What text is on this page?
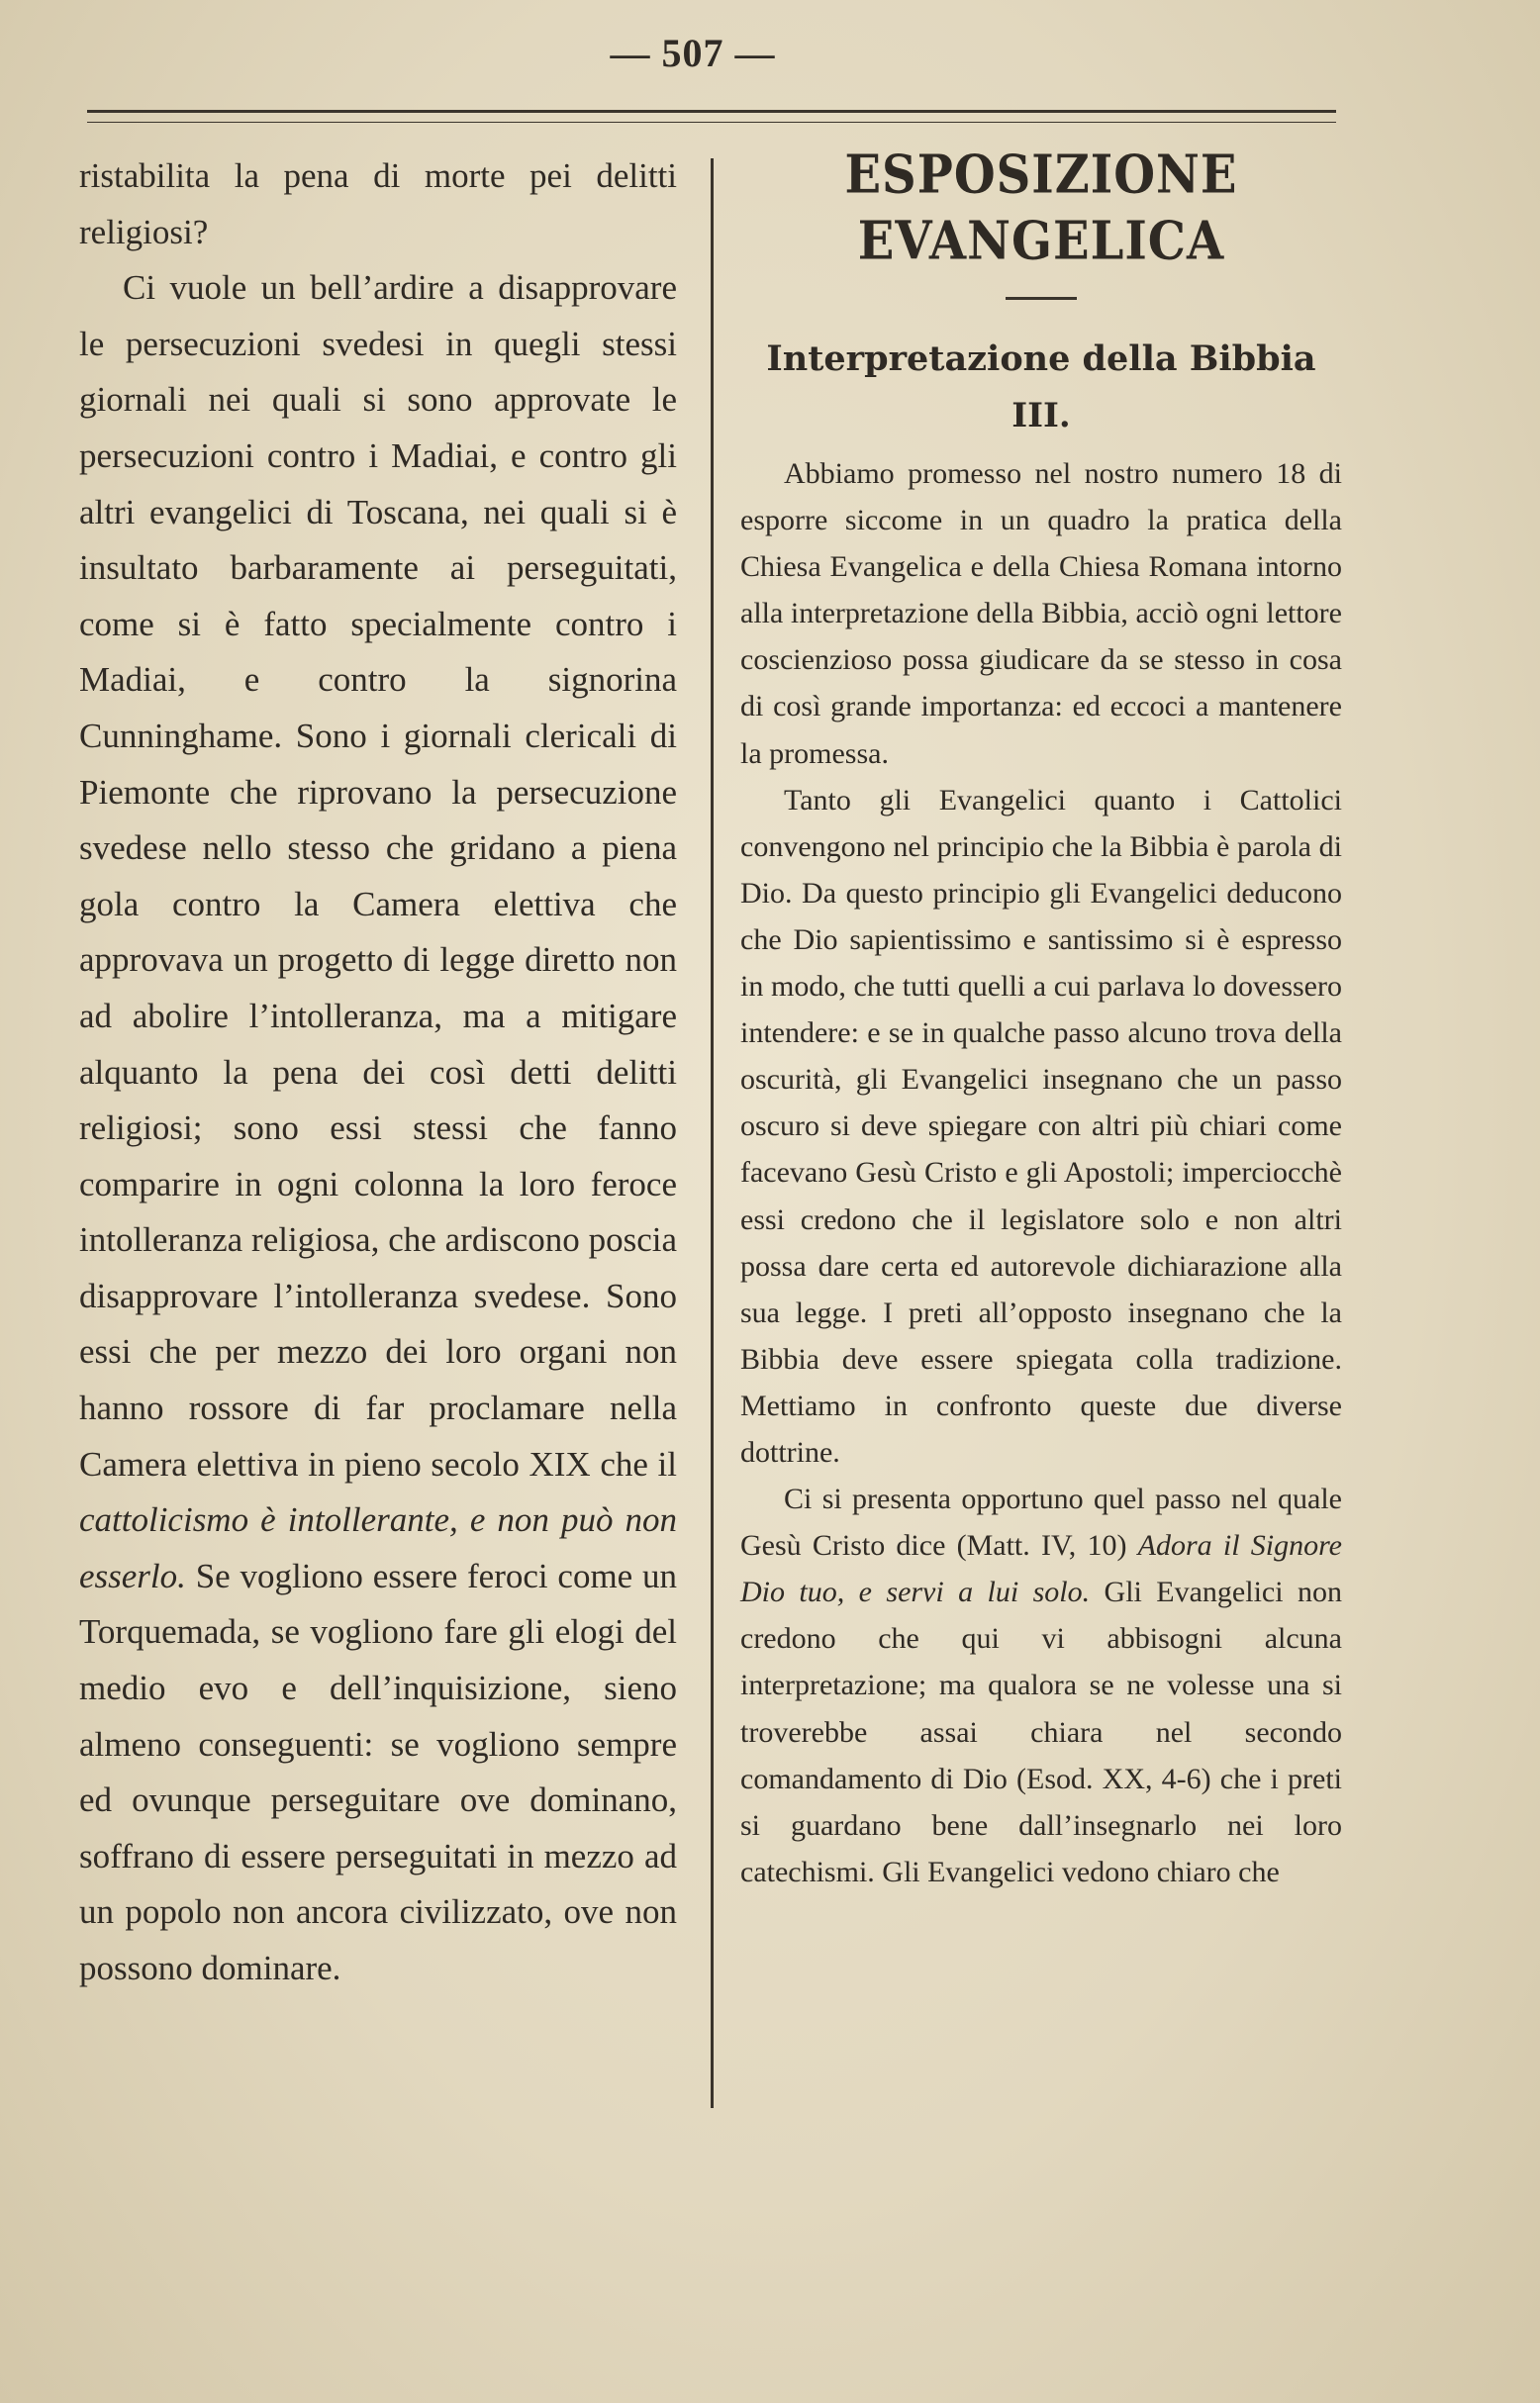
— 507 —

ristabilita la pena di morte pei delitti religiosi?

Ci vuole un bell’ardire a disapprovare le persecuzioni svedesi in quegli stessi giornali nei quali si sono approvate le persecuzioni contro i Madiai, e contro gli altri evangelici di Toscana, nei quali si è insultato barbaramente ai perseguitati, come si è fatto specialmente contro i Madiai, e contro la signorina Cunninghame. Sono i giornali clericali di Piemonte che riprovano la persecuzione svedese nello stesso che gridano a piena gola contro la Camera elettiva che approvava un progetto di legge diretto non ad abolire l’intolleranza, ma a mitigare alquanto la pena dei così detti delitti religiosi; sono essi stessi che fanno comparire in ogni colonna la loro feroce intolleranza religiosa, che ardiscono poscia disapprovare l’intolleranza svedese. Sono essi che per mezzo dei loro organi non hanno rossore di far proclamare nella Camera elettiva in pieno secolo XIX che il cattolicismo è intollerante, e non può non esserlo. Se vogliono essere feroci come un Torquemada, se vogliono fare gli elogi del medio evo e dell’inquisizione, sieno almeno conseguenti: se vogliono sempre ed ovunque perseguitare ove dominano, soffrano di essere perseguitati in mezzo ad un popolo non ancora civilizzato, ove non possono dominare.

ESPOSIZIONE EVANGELICA
Interpretazione della Bibbia
III.

Abbiamo promesso nel nostro numero 18 di esporre siccome in un quadro la pratica della Chiesa Evangelica e della Chiesa Romana intorno alla interpretazione della Bibbia, acciò ogni lettore coscienzioso possa giudicare da se stesso in cosa di così grande importanza: ed eccoci a mantenere la promessa.

Tanto gli Evangelici quanto i Cattolici convengono nel principio che la Bibbia è parola di Dio. Da questo principio gli Evangelici deducono che Dio sapientissimo e santissimo si è espresso in modo, che tutti quelli a cui parlava lo dovessero intendere: e se in qualche passo alcuno trova della oscurità, gli Evangelici insegnano che un passo oscuro si deve spiegare con altri più chiari come facevano Gesù Cristo e gli Apostoli; imperciocchè essi credono che il legislatore solo e non altri possa dare certa ed autorevole dichiarazione alla sua legge. I preti all’opposto insegnano che la Bibbia deve essere spiegata colla tradizione. Mettiamo in confronto queste due diverse dottrine.

Ci si presenta opportuno quel passo nel quale Gesù Cristo dice (Matt. IV, 10) Adora il Signore Dio tuo, e servi a lui solo. Gli Evangelici non credono che qui vi abbisogni alcuna interpretazione; ma qualora se ne volesse una si troverebbe assai chiara nel secondo comandamento di Dio (Esod. XX, 4-6) che i preti si guardano bene dall’insegnarlo nei loro catechismi. Gli Evangelici vedono chiaro che
